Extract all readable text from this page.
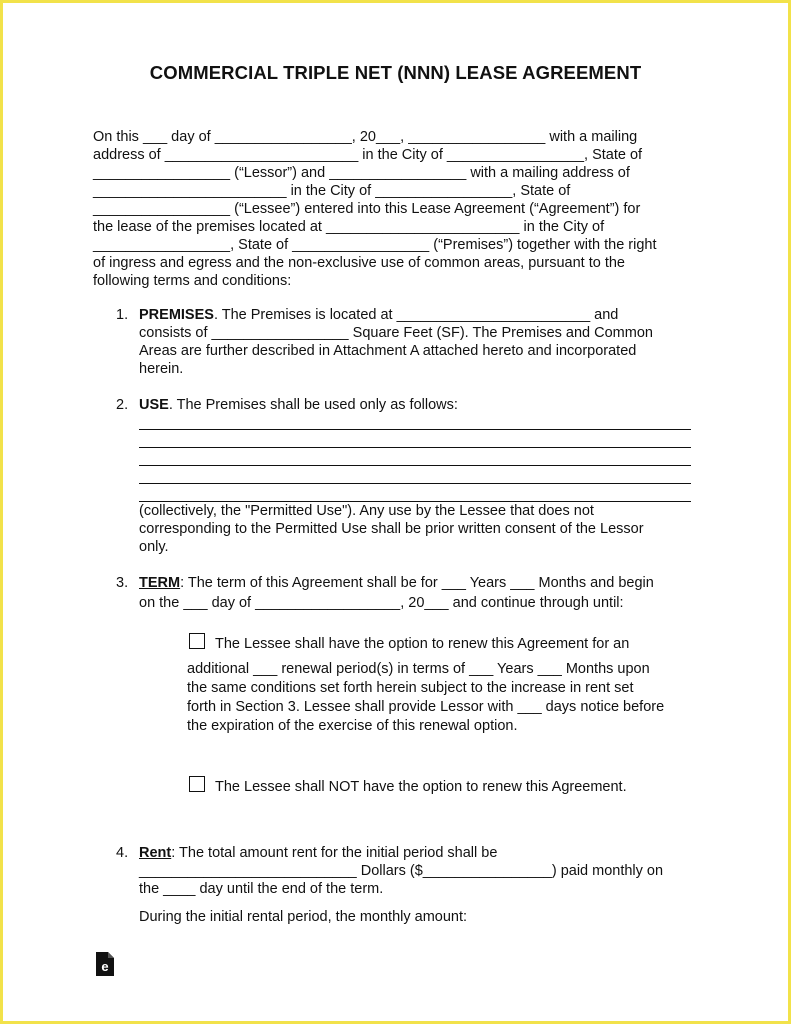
COMMERCIAL TRIPLE NET (NNN) LEASE AGREEMENT
On this ___ day of _________________, 20___, _________________ with a mailing
address of ________________________ in the City of _________________, State of
_________________ (“Lessor”) and _________________ with a mailing address of
________________________ in the City of _________________, State of
_________________ (“Lessee”) entered into this Lease Agreement (“Agreement”) for
the lease of the premises located at ________________________ in the City of
_________________, State of _________________ (“Premises”) together with the right
of ingress and egress and the non-exclusive use of common areas, pursuant to the
following terms and conditions:
1. PREMISES. The Premises is located at ________________________ and
consists of _________________ Square Feet (SF). The Premises and Common
Areas are further described in Attachment A attached hereto and incorporated
herein.
2. USE. The Premises shall be used only as follows:
(collectively, the "Permitted Use"). Any use by the Lessee that does not
corresponding to the Permitted Use shall be prior written consent of the Lessor
only.
3. TERM: The term of this Agreement shall be for ___ Years ___ Months and begin
on the ___ day of __________________, 20___ and continue through until:
The Lessee shall have the option to renew this Agreement for an
additional ___ renewal period(s) in terms of ___ Years ___ Months upon
the same conditions set forth herein subject to the increase in rent set
forth in Section 3. Lessee shall provide Lessor with ___ days notice before
the expiration of the exercise of this renewal option.
The Lessee shall NOT have the option to renew this Agreement.
4. Rent: The total amount rent for the initial period shall be
___________________________ Dollars ($________________) paid monthly on
the ____ day until the end of the term.
During the initial rental period, the monthly amount:
e
